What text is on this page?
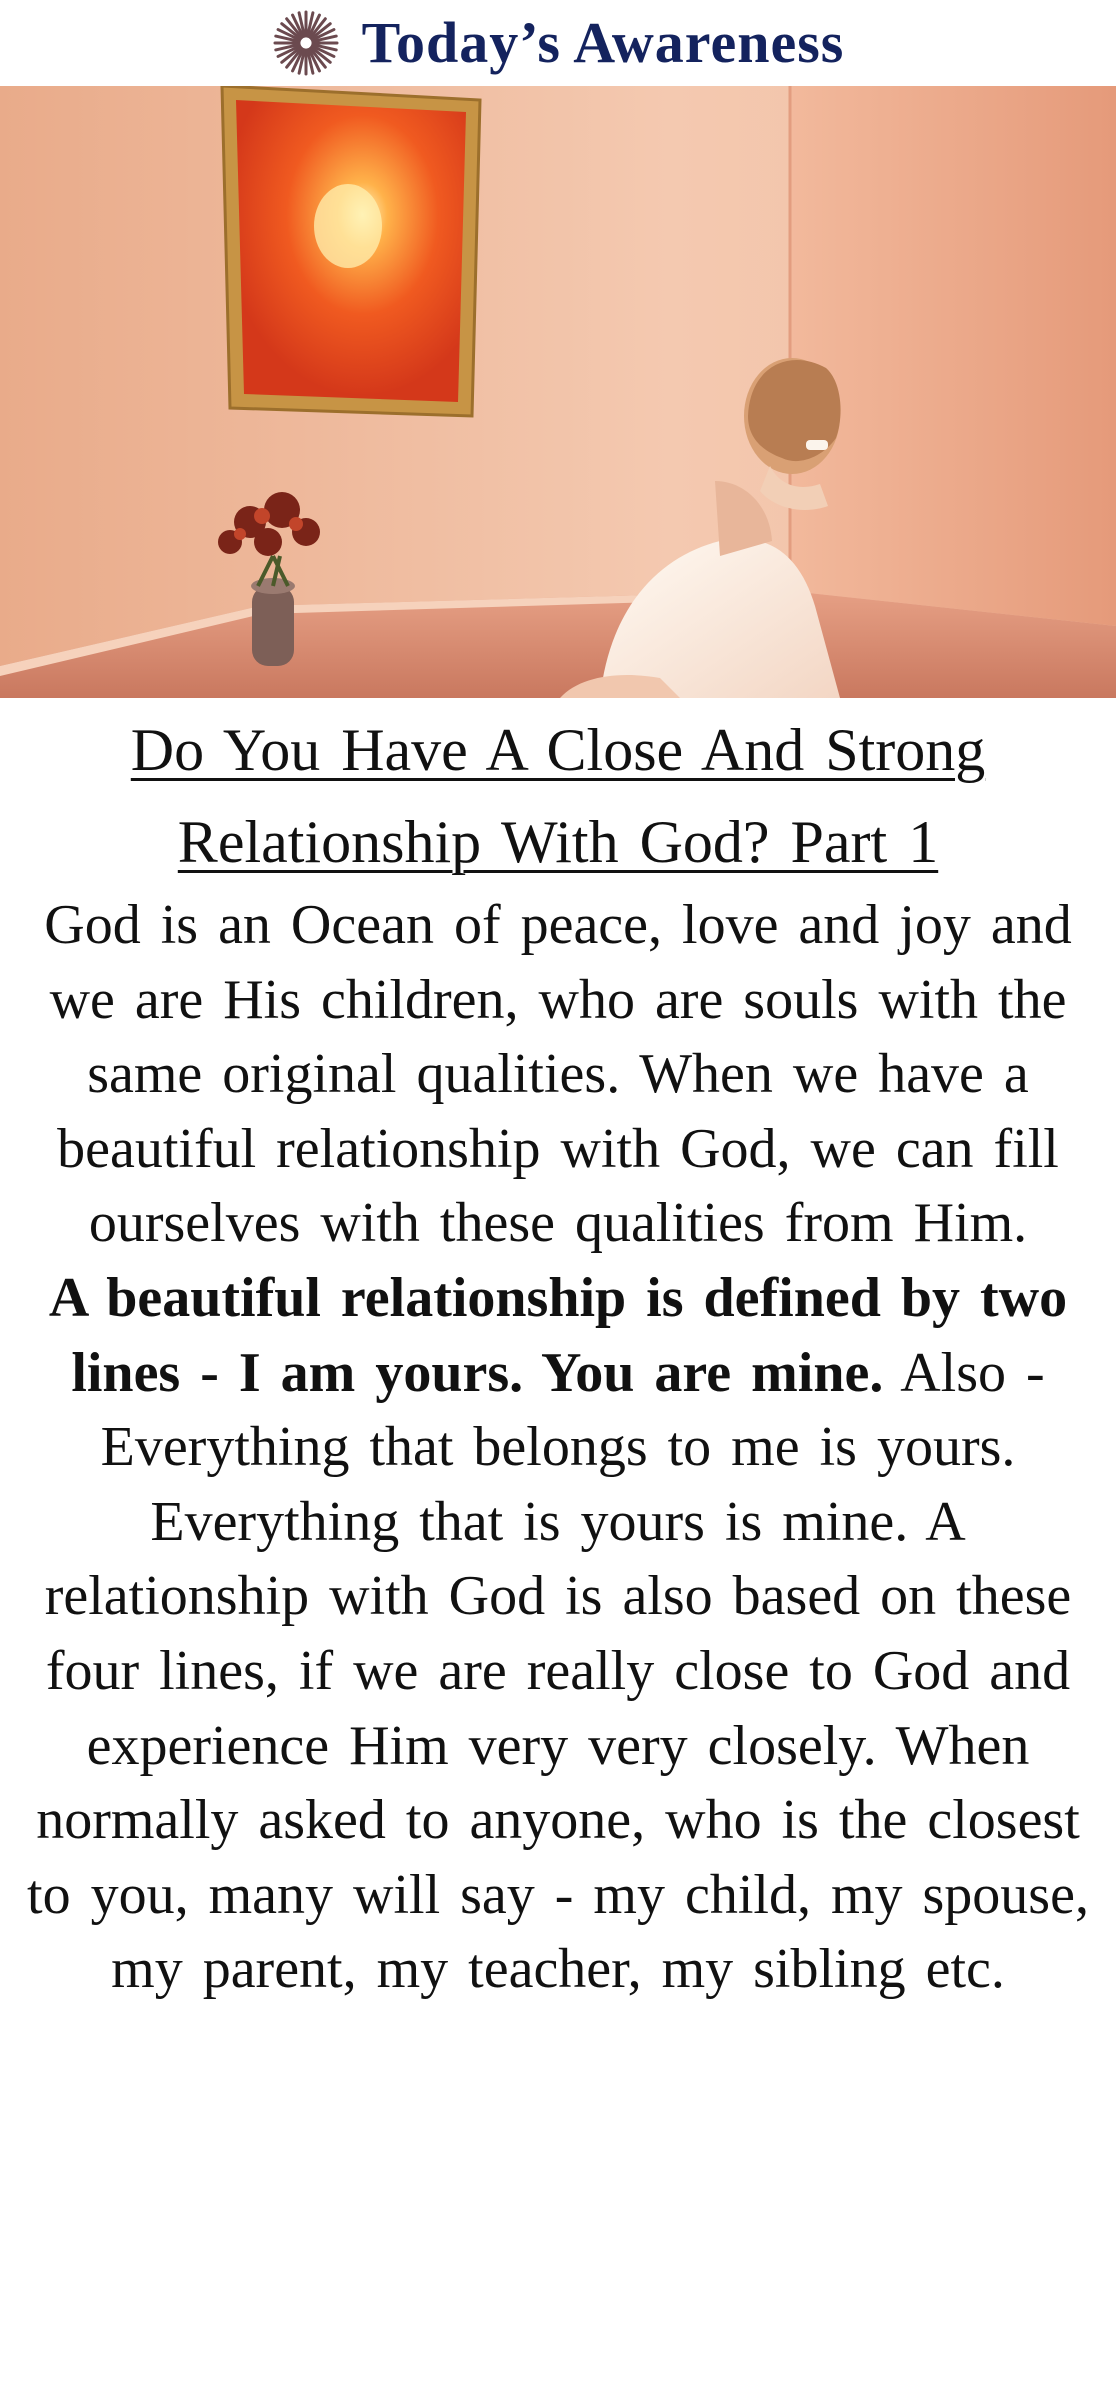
Today’s Awareness
Do You Have A Close And Strong Relationship With God? Part 1

God is an Ocean of peace, love and joy and we are His children, who are souls with the same original qualities. When we have a beautiful relationship with God, we can fill ourselves with these qualities from Him.

A beautiful relationship is defined by two lines - I am yours. You are mine. Also - Everything that belongs to me is yours. Everything that is yours is mine. A relationship with God is also based on these four lines, if we are really close to God and experience Him very very closely. When normally asked to anyone, who is the closest to you, many will say - my child, my spouse, my parent, my teacher, my sibling etc.
